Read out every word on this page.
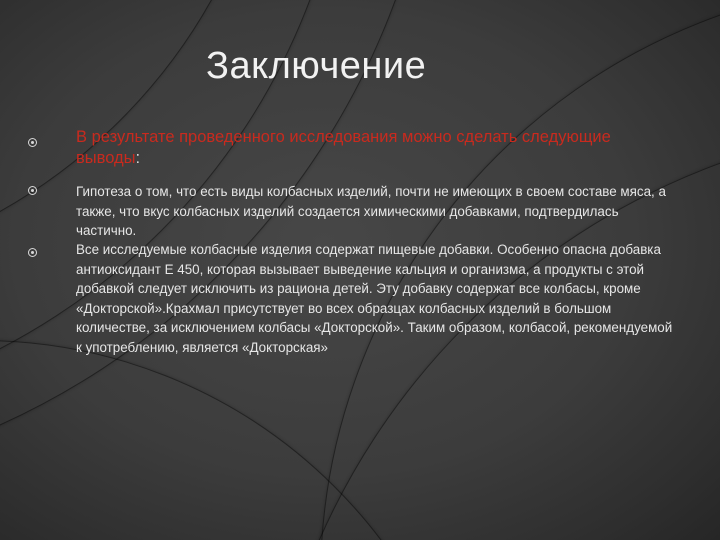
Заключение

В результате проведенного исследования можно сделать следующие выводы:

Гипотеза о том, что есть виды колбасных изделий, почти не имеющих в своем составе мяса, а также, что вкус колбасных изделий создается химическими добавками, подтвердилась частично.

Все исследуемые колбасные изделия содержат пищевые добавки. Особенно опасна добавка антиоксидант Е 450, которая вызывает выведение кальция и организма, а продукты с этой добавкой следует исключить из рациона детей. Эту добавку содержат все колбасы, кроме «Докторской».Крахмал присутствует во всех образцах колбасных изделий в большом количестве, за исключением колбасы «Докторской». Таким образом, колбасой, рекомендуемой к употреблению, является «Докторская»
